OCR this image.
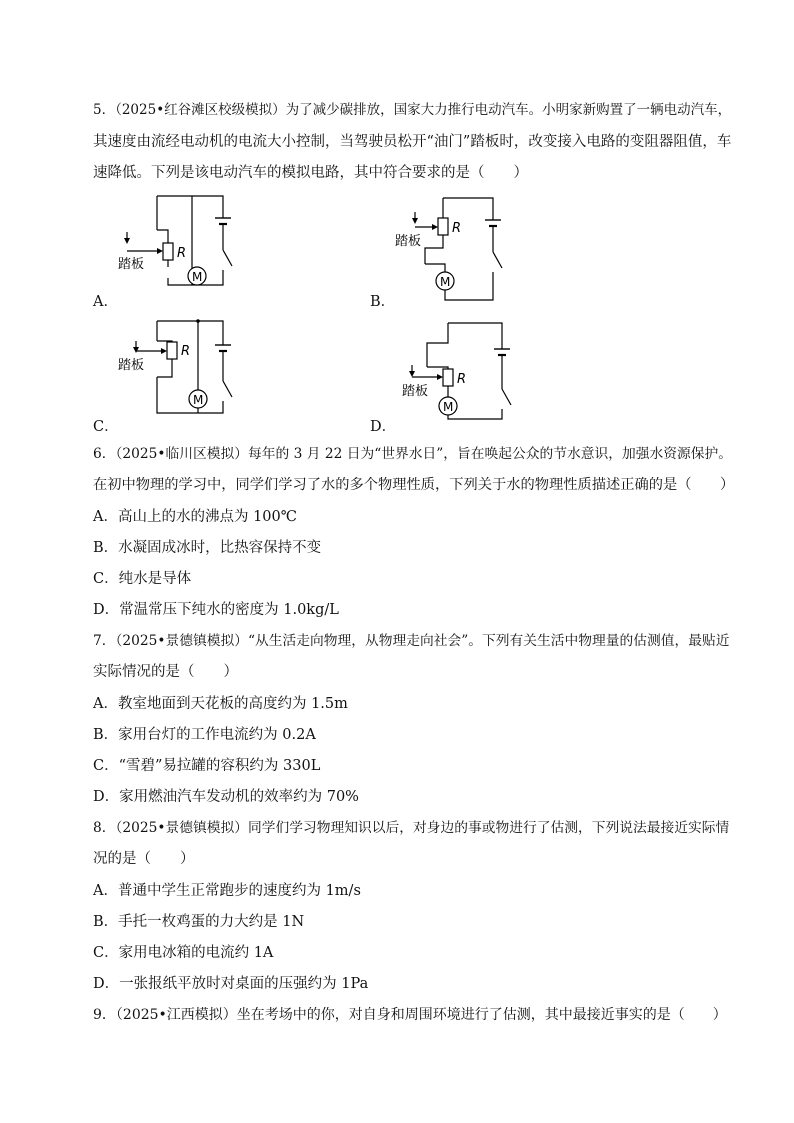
5．（2025•红谷滩区校级模拟）为了减少碳排放，国家大力推行电动汽车。小明家新购置了一辆电动汽车，
其速度由流经电动机的电流大小控制，当驾驶员松开“油门”踏板时，改变接入电路的变阻器阻值，车
速降低。下列是该电动汽车的模拟电路，其中符合要求的是（　　）
A．
R
踏板
M
B．
R
踏板
M
C．
R
踏板
M
D．
R
踏板
M
6．（2025•临川区模拟）每年的 3 月 22 日为“世界水日”，旨在唤起公众的节水意识，加强水资源保护。
在初中物理的学习中，同学们学习了水的多个物理性质，下列关于水的物理性质描述正确的是（　　）
A．高山上的水的沸点为 100℃
B．水凝固成冰时，比热容保持不变
C．纯水是导体
D．常温常压下纯水的密度为 1.0kg/L
7．（2025•景德镇模拟）“从生活走向物理，从物理走向社会”。下列有关生活中物理量的估测值，最贴近
实际情况的是（　　）
A．教室地面到天花板的高度约为 1.5m
B．家用台灯的工作电流约为 0.2A
C．“雪碧”易拉罐的容积约为 330L
D．家用燃油汽车发动机的效率约为 70%
8．（2025•景德镇模拟）同学们学习物理知识以后，对身边的事或物进行了估测，下列说法最接近实际情
况的是（　　）
A．普通中学生正常跑步的速度约为 1m/s
B．手托一枚鸡蛋的力大约是 1N
C．家用电冰箱的电流约 1A
D．一张报纸平放时对桌面的压强约为 1Pa
9．（2025•江西模拟）坐在考场中的你，对自身和周围环境进行了估测，其中最接近事实的是（　　）
